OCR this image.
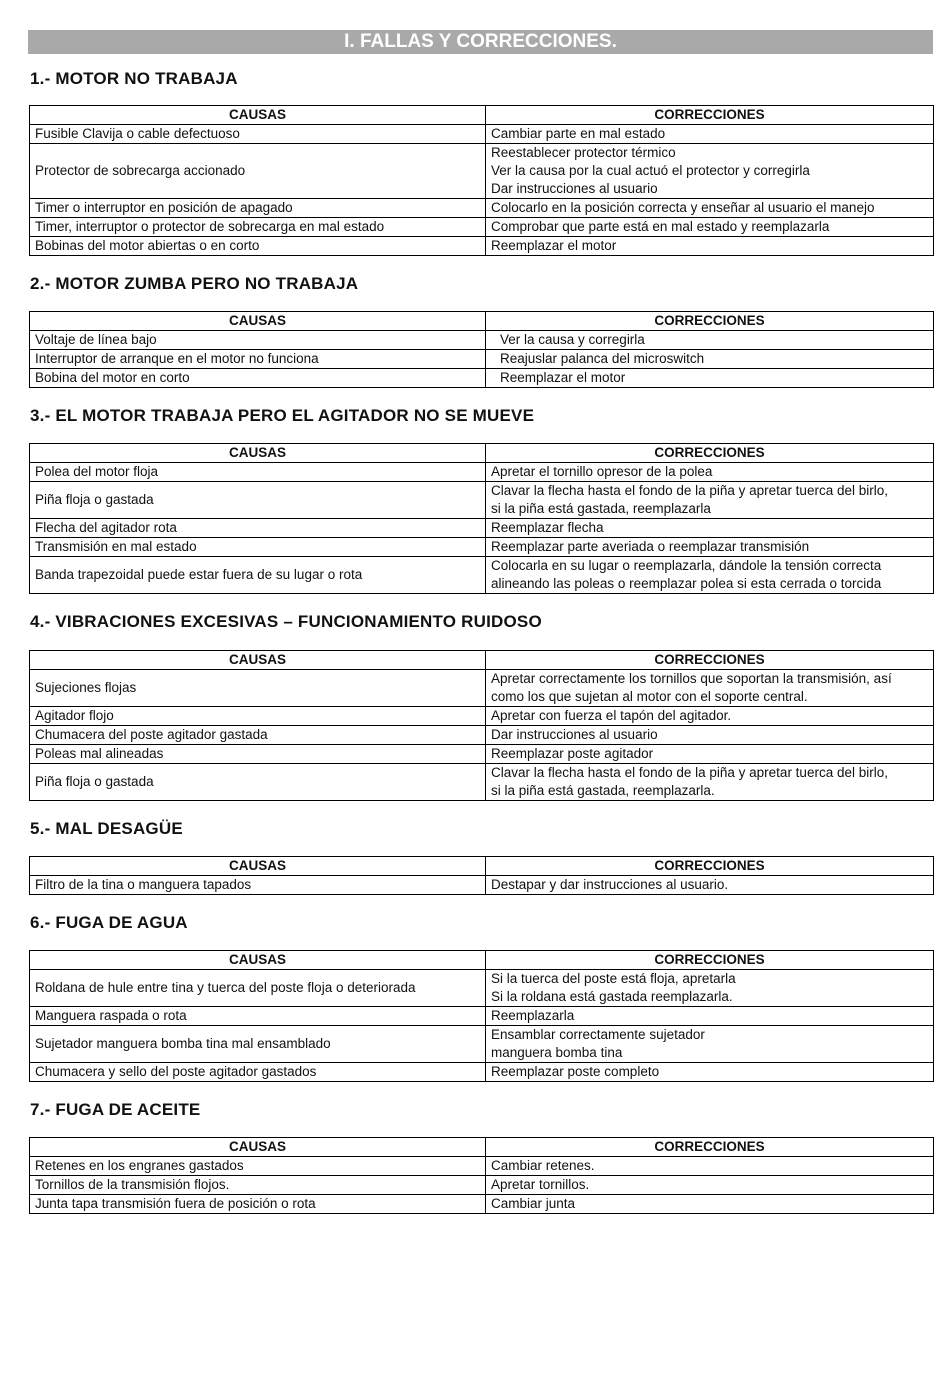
I. FALLAS Y CORRECCIONES.
1.- MOTOR NO TRABAJA
CAUSAS	CORRECCIONES
Fusible Clavija o cable defectuoso	Cambiar parte en mal estado
Protector de sobrecarga accionado	Reestablecer protector térmico
Ver la causa por la cual actuó el protector y corregirla
Dar instrucciones al usuario
Timer o interruptor en posición de apagado	Colocarlo en la posición correcta y enseñar al usuario el manejo
Timer, interruptor o protector de sobrecarga en mal estado	Comprobar que parte está en mal estado y reemplazarla
Bobinas del motor abiertas o en corto	Reemplazar el motor
2.- MOTOR ZUMBA PERO NO TRABAJA
CAUSAS	CORRECCIONES
Voltaje de línea bajo	Ver la causa y corregirla
Interruptor de arranque en el motor no funciona	Reajuslar palanca del microswitch
Bobina del motor en corto	Reemplazar el motor
3.- EL MOTOR TRABAJA PERO EL AGITADOR NO SE MUEVE
CAUSAS	CORRECCIONES
Polea del motor floja	Apretar el tornillo opresor de la polea
Piña floja o gastada	Clavar la flecha hasta el fondo de la piña y apretar tuerca del birlo,
si la piña está gastada, reemplazarla
Flecha del agitador rota	Reemplazar flecha
Transmisión en mal estado	Reemplazar parte averiada o reemplazar transmisión
Banda trapezoidal puede estar fuera de su lugar o rota	Colocarla en su lugar o reemplazarla, dándole la tensión correcta
alineando las poleas o reemplazar polea si esta cerrada o torcida
4.- VIBRACIONES EXCESIVAS – FUNCIONAMIENTO RUIDOSO
CAUSAS	CORRECCIONES
Sujeciones flojas	Apretar correctamente los tornillos que soportan la transmisión, así
como los que sujetan al motor con el soporte central.
Agitador flojo	Apretar con fuerza el tapón del agitador.
Chumacera del poste agitador gastada	Dar instrucciones al usuario
Poleas mal alineadas	Reemplazar poste agitador
Piña floja o gastada	Clavar la flecha hasta el fondo de la piña y apretar tuerca del birlo,
si la piña está gastada, reemplazarla.
5.- MAL DESAGÜE
CAUSAS	CORRECCIONES
Filtro de la tina o manguera tapados	Destapar y dar instrucciones al usuario.
6.- FUGA DE AGUA
CAUSAS	CORRECCIONES
Roldana de hule entre tina y tuerca del poste floja o deteriorada	Si la tuerca del poste está floja, apretarla
Si la roldana está gastada reemplazarla.
Manguera raspada o rota	Reemplazarla
Sujetador manguera bomba tina mal ensamblado	Ensamblar correctamente sujetador
manguera bomba tina
Chumacera y sello del poste agitador gastados	Reemplazar poste completo
7.- FUGA DE ACEITE
CAUSAS	CORRECCIONES
Retenes en los engranes gastados	Cambiar retenes.
Tornillos de la transmisión flojos.	Apretar tornillos.
Junta tapa transmisión fuera de posición o rota	Cambiar junta
